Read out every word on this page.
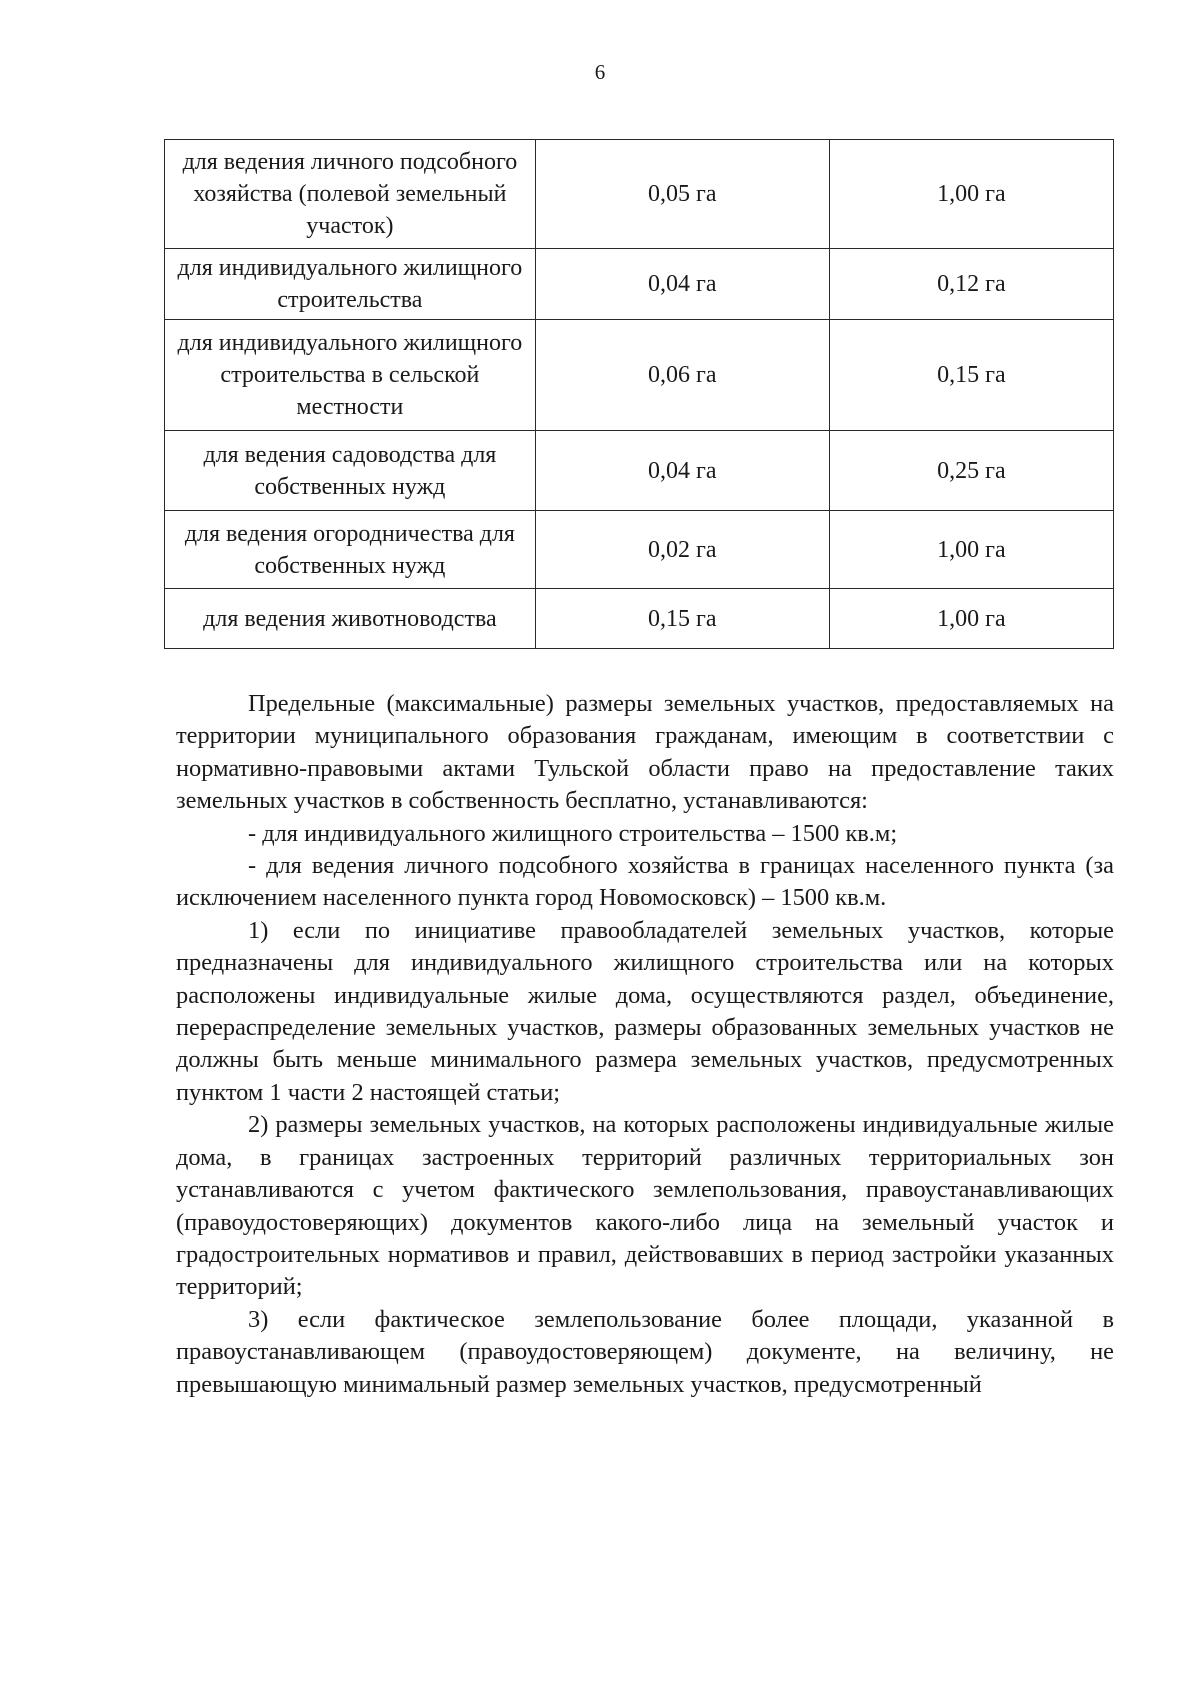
6
для ведения личного подсобного хозяйства (полевой земельный участок)	0,05 га	1,00 га
для индивидуального жилищного строительства	0,04 га	0,12 га
для индивидуального жилищного строительства в сельской местности	0,06 га	0,15 га
для ведения садоводства для собственных нужд	0,04 га	0,25 га
для ведения огородничества для собственных нужд	0,02 га	1,00 га
для ведения животноводства	0,15 га	1,00 га

Предельные (максимальные) размеры земельных участков, предоставляемых на территории муниципального образования гражданам, имеющим в соответствии с нормативно-правовыми актами Тульской области право на предоставление таких земельных участков в собственность бесплатно, устанавливаются:

- для индивидуального жилищного строительства – 1500 кв.м;

- для ведения личного подсобного хозяйства в границах населенного пункта (за исключением населенного пункта город Новомосковск) – 1500 кв.м.

1) если по инициативе правообладателей земельных участков, которые предназначены для индивидуального жилищного строительства или на которых расположены индивидуальные жилые дома, осуществляются раздел, объединение, перераспределение земельных участков, размеры образованных земельных участков не должны быть меньше минимального размера земельных участков, предусмотренных пунктом 1 части 2 настоящей статьи;

2) размеры земельных участков, на которых расположены индивидуальные жилые дома, в границах застроенных территорий различных территориальных зон устанавливаются с учетом фактического землепользования, правоустанавливающих (правоудостоверяющих) документов какого-либо лица на земельный участок и градостроительных нормативов и правил, действовавших в период застройки указанных территорий;

3) если фактическое землепользование более площади, указанной в правоустанавливающем (правоудостоверяющем) документе, на величину, не превышающую минимальный размер земельных участков, предусмотренный
